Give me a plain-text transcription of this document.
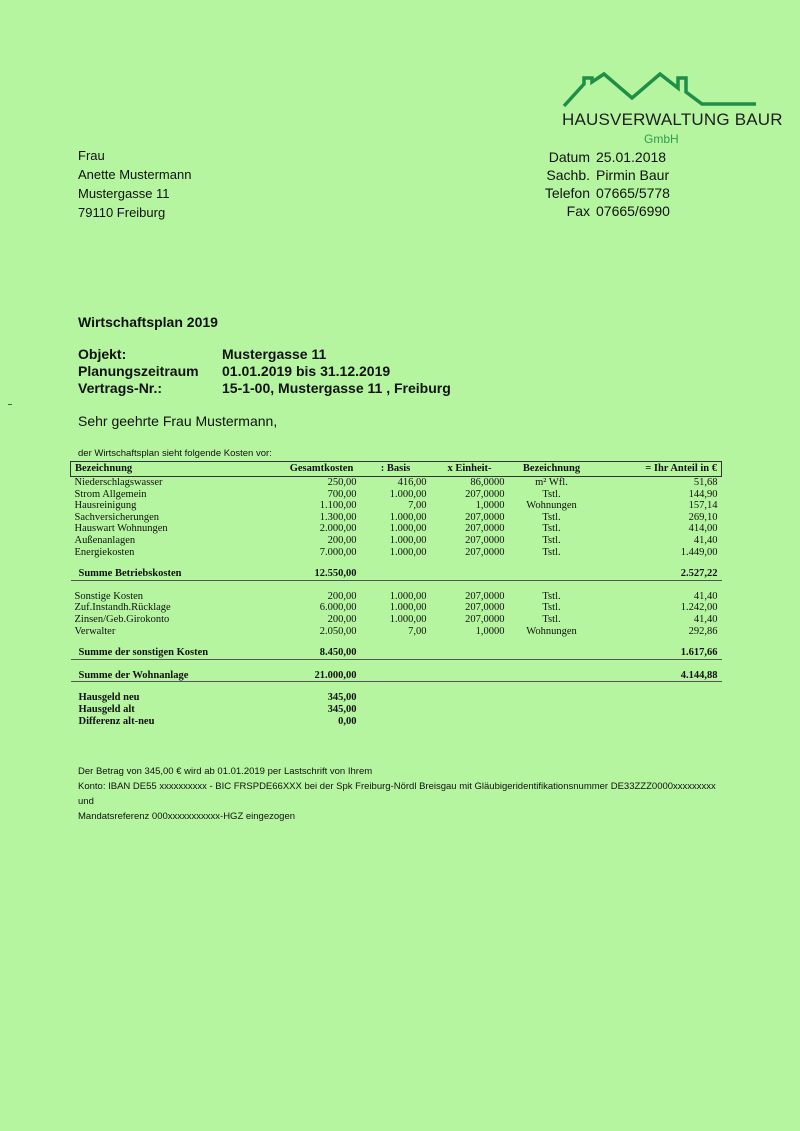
HAUSVERWALTUNG BAUR
GmbH
Frau
Anette Mustermann
Mustergasse 11
79110 Freiburg
Datum 25.01.2018
Sachb. Pirmin Baur
Telefon 07665/5778
Fax 07665/6990
Wirtschaftsplan 2019
Objekt:	Mustergasse 11
Planungszeitraum	01.01.2019 bis 31.12.2019
Vertrags-Nr.:	15-1-00, Mustergasse 11 , Freiburg
Sehr geehrte Frau Mustermann,
der Wirtschaftsplan sieht folgende Kosten vor:
Bezeichnung	Gesamtkosten	: Basis	x Einheit-	Bezeichnung	= Ihr Anteil in €
Niederschlagswasser	250,00	416,00	86,0000	m² Wfl.	51,68
Strom Allgemein	700,00	1.000,00	207,0000	Tstl.	144,90
Hausreinigung	1.100,00	7,00	1,0000	Wohnungen	157,14
Sachversicherungen	1.300,00	1.000,00	207,0000	Tstl.	269,10
Hauswart Wohnungen	2.000,00	1.000,00	207,0000	Tstl.	414,00
Außenanlagen	200,00	1.000,00	207,0000	Tstl.	41,40
Energiekosten	7.000,00	1.000,00	207,0000	Tstl.	1.449,00

Summe Betriebskosten	12.550,00				2.527,22

Sonstige Kosten	200,00	1.000,00	207,0000	Tstl.	41,40
Zuf.Instandh.Rücklage	6.000,00	1.000,00	207,0000	Tstl.	1.242,00
Zinsen/Geb.Girokonto	200,00	1.000,00	207,0000	Tstl.	41,40
Verwalter	2.050,00	7,00	1,0000	Wohnungen	292,86

Summe der sonstigen Kosten	8.450,00				1.617,66

Summe der Wohnanlage	21.000,00				4.144,88

Hausgeld neu	345,00				
Hausgeld alt	345,00				
Differenz alt-neu	0,00				
Der Betrag von 345,00 € wird ab 01.01.2019 per Lastschrift von Ihrem
Konto: IBAN DE55 xxxxxxxxxx - BIC FRSPDE66XXX bei der Spk Freiburg-Nördl Breisgau mit Gläubigeridentifikationsnummer DE33ZZZ0000xxxxxxxxx und
Mandatsreferenz 000xxxxxxxxxxx-HGZ eingezogen
